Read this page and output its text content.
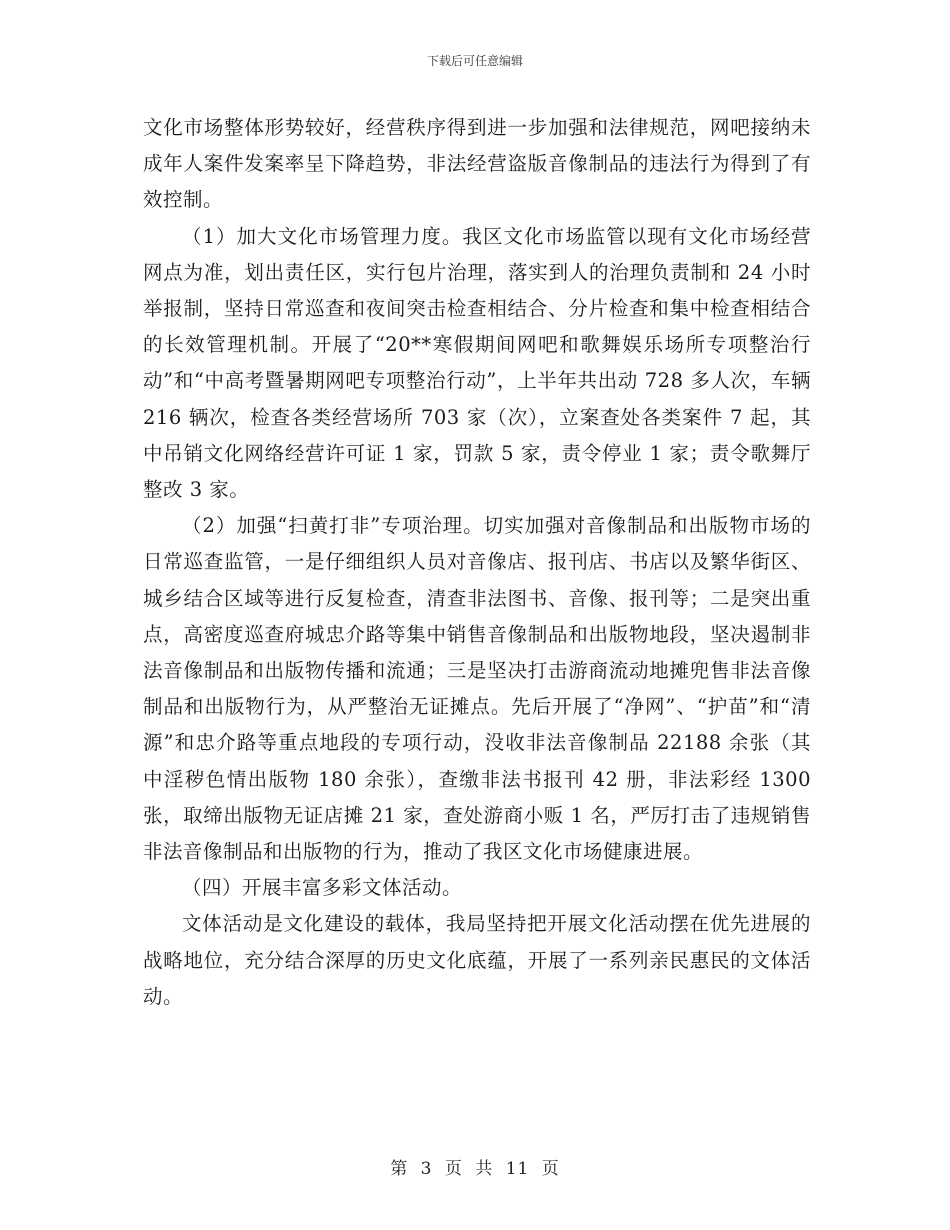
下载后可任意编辑

文化市场整体形势较好，经营秩序得到进一步加强和法律规范，网吧接纳未成年人案件发案率呈下降趋势，非法经营盗版音像制品的违法行为得到了有效控制。

（1）加大文化市场管理力度。我区文化市场监管以现有文化市场经营网点为准，划出责任区，实行包片治理，落实到人的治理负责制和 24 小时举报制，坚持日常巡查和夜间突击检查相结合、分片检查和集中检查相结合的长效管理机制。开展了“20**寒假期间网吧和歌舞娱乐场所专项整治行动”和“中高考暨暑期网吧专项整治行动”，上半年共出动 728 多人次，车辆 216 辆次，检查各类经营场所 703 家（次），立案查处各类案件 7 起，其中吊销文化网络经营许可证 1 家，罚款 5 家，责令停业 1 家；责令歌舞厅整改 3 家。

（2）加强“扫黄打非”专项治理。切实加强对音像制品和出版物市场的日常巡查监管，一是仔细组织人员对音像店、报刊店、书店以及繁华街区、城乡结合区域等进行反复检查，清查非法图书、音像、报刊等；二是突出重点，高密度巡查府城忠介路等集中销售音像制品和出版物地段，坚决遏制非法音像制品和出版物传播和流通；三是坚决打击游商流动地摊兜售非法音像制品和出版物行为，从严整治无证摊点。先后开展了“净网”、“护苗”和“清源”和忠介路等重点地段的专项行动，没收非法音像制品 22188 余张（其中淫秽色情出版物 180 余张），查缴非法书报刊 42 册，非法彩经 1300 张，取缔出版物无证店摊 21 家，查处游商小贩 1 名，严厉打击了违规销售非法音像制品和出版物的行为，推动了我区文化市场健康进展。

（四）开展丰富多彩文体活动。

文体活动是文化建设的载体，我局坚持把开展文化活动摆在优先进展的战略地位，充分结合深厚的历史文化底蕴，开展了一系列亲民惠民的文体活动。

第 3 页 共 11 页
